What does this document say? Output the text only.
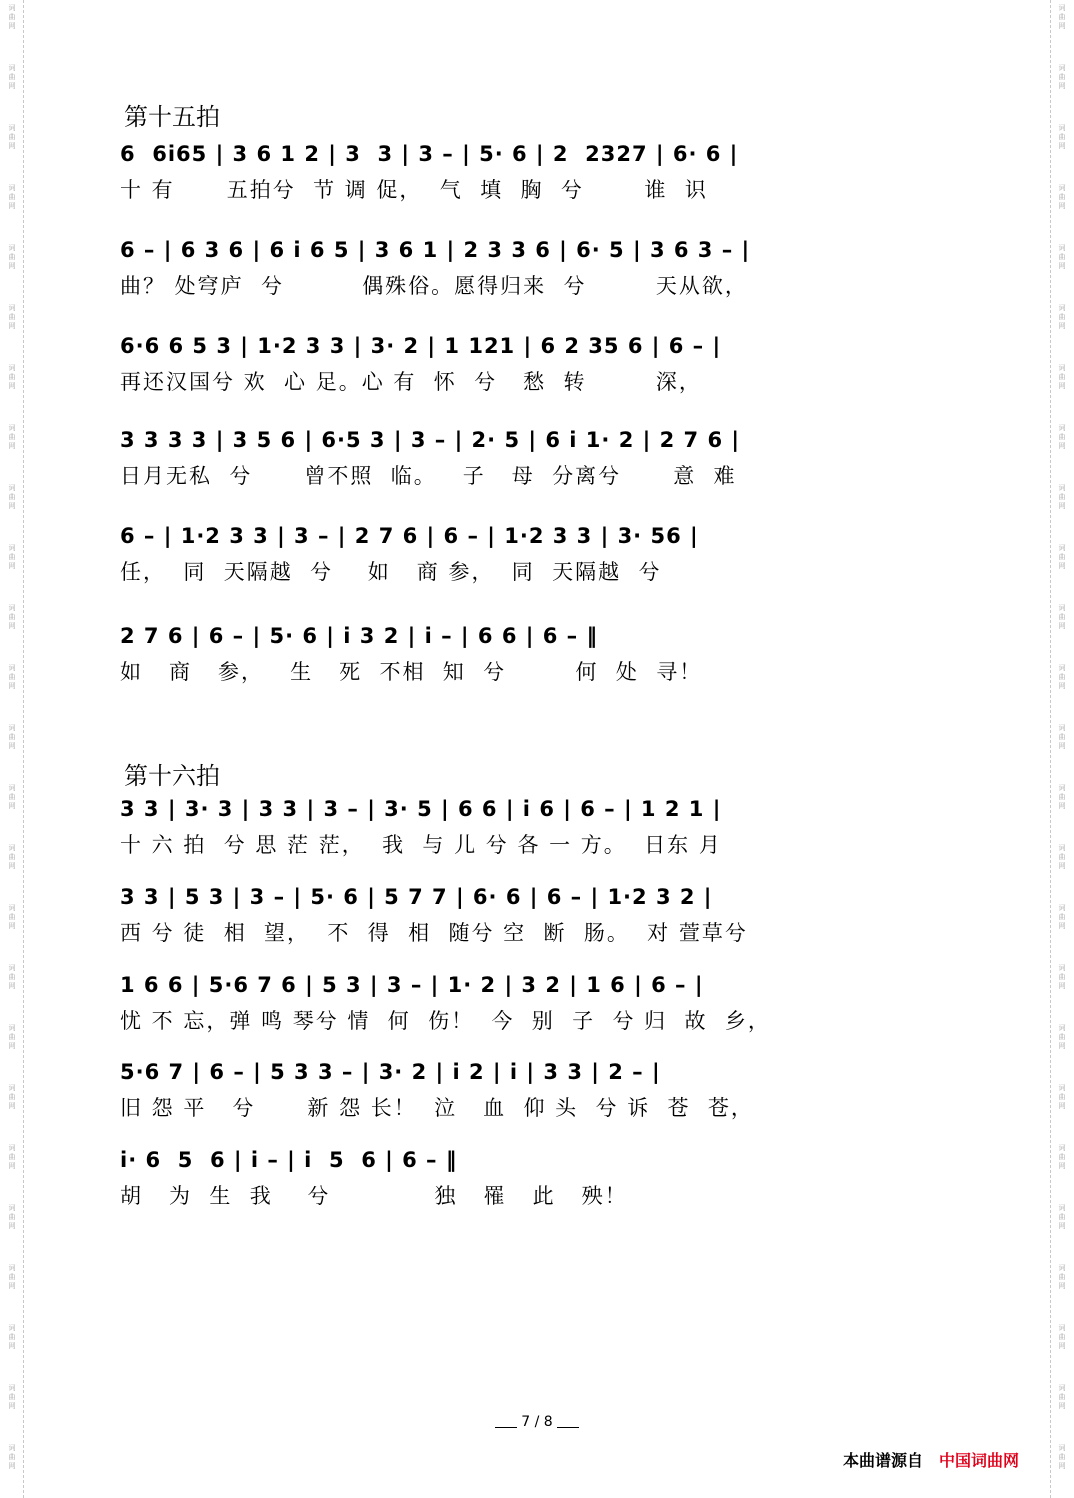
词
曲
网
词
曲
网
词
曲
网
词
曲
网
词
曲
网
词
曲
网
词
曲
网
词
曲
网
词
曲
网
词
曲
网
词
曲
网
词
曲
网
词
曲
网
词
曲
网
词
曲
网
词
曲
网
词
曲
网
词
曲
网
词
曲
网
词
曲
网
词
曲
网
词
曲
网
词
曲
网
词
曲
网
词
曲
网
词
曲
网
词
曲
网
词
曲
网
词
曲
网
词
曲
网
词
曲
网
词
曲
网
词
曲
网
词
曲
网
词
曲
网
词
曲
网
词
曲
网
词
曲
网
词
曲
网
词
曲
网
词
曲
网
词
曲
网
词
曲
网
词
曲
网
词
曲
网
词
曲
网
词
曲
网
词
曲
网
词
曲
网
词
曲
网
第十五拍
6  6i65 | 3 6 1 2 | 3  3 | 3 – | 5· 6 | 2  2327 | 6· 6 |
十 有      五拍兮  节 调 促，  气  填  胸  兮       谁  识
6 – | 6 3 6 | 6 i 6 5 | 3 6 1 | 2 3 3 6 | 6· 5 | 3 6 3 – |
曲？ 处穹庐  兮         偶殊俗。愿得归来  兮        天从欲，
6·6 6 5 3 | 1·2 3 3 | 3· 2 | 1 121 | 6 2 35 6 | 6 – |
再还汉国兮 欢  心 足。心 有  怀  兮   愁  转        深，
3 3 3 3 | 3 5 6 | 6·5 3 | 3 – | 2· 5 | 6 i 1· 2 | 2 7 6 |
日月无私  兮      曾不照  临。   子   母  分离兮      意  难
6 – | 1·2 3 3 | 3 – | 2 7 6 | 6 – | 1·2 3 3 | 3· 56 |
任，  同  天隔越  兮    如   商 参，  同  天隔越  兮
2 7 6 | 6 – | 5· 6 | i 3 2 | i – | 6 6 | 6 – ‖
如   商   参，   生   死  不相  知  兮        何  处  寻！
第十六拍
3 3 | 3· 3 | 3 3 | 3 – | 3· 5 | 6 6 | i 6 | 6 – | 1 2 1 |
十 六 拍  兮 思 茫 茫，  我  与 儿 兮 各 一 方。  日东 月
3 3 | 5 3 | 3 – | 5· 6 | 5 7 7 | 6· 6 | 6 – | 1·2 3 2 |
西 兮 徒  相  望，  不  得  相  随兮 空  断  肠。  对 萱草兮
1 6 6 | 5·6 7 6 | 5 3 | 3 – | 1· 2 | 3 2 | 1 6 | 6 – |
忧 不 忘，弹 鸣 琴兮 情  何  伤！  今  别  子  兮 归  故  乡，
5·6 7 | 6 – | 5 3 3 – | 3· 2 | i 2 | i | 3 3 | 2 – |
旧 怨 平   兮      新 怨 长！  泣   血  仰 头  兮 诉  苍  苍，
i· 6  5  6 | i – | i  5  6 | 6 – ‖
胡   为  生  我    兮            独   罹   此   殃！
7 / 8
本曲谱源自 中国词曲网
